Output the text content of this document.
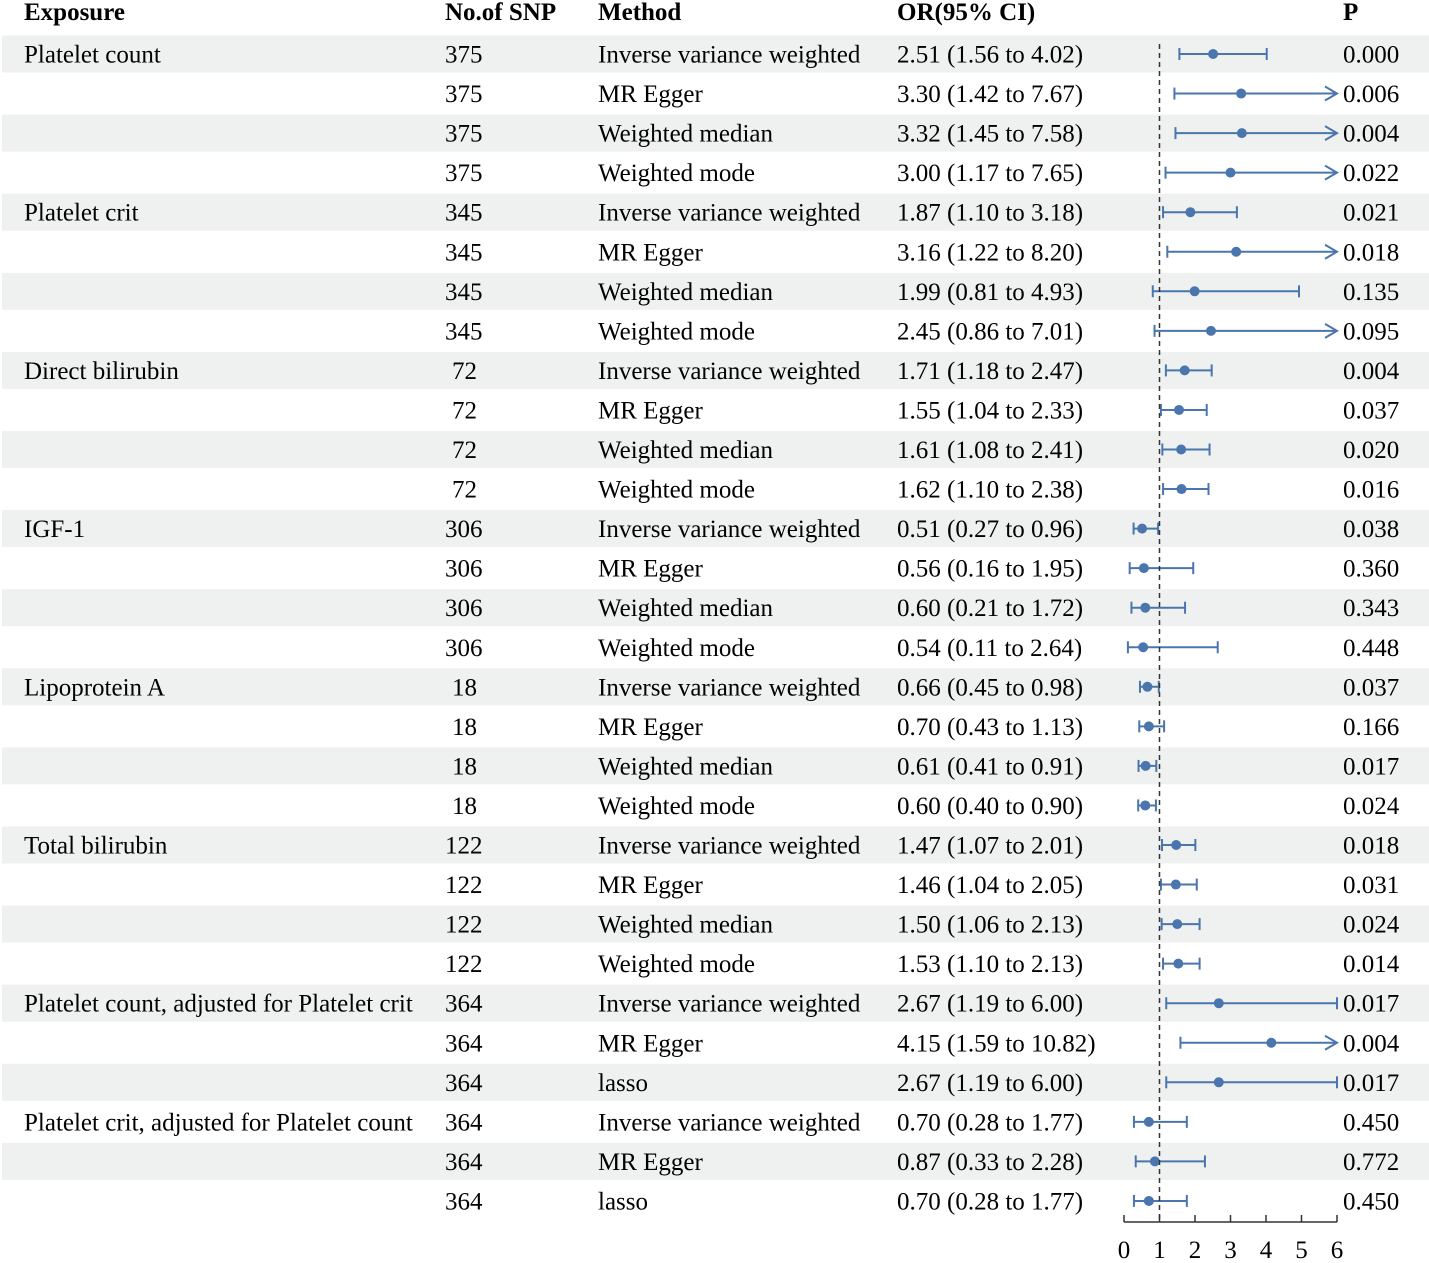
Exposure	No.of SNP Method	OR(95% CI)	P
Platelet count	375	Inverse variance weighted 2.51 (1.56 to 4.02)	0.000
375	MR Egger	3.30 (1.42 to 7.67)	0.006
375	Weighted median	3.32 (1.45 to 7.58)	0.004
375	Weighted mode	3.00 (1.17 to 7.65)	0.022
Platelet crit	345	Inverse variance weighted 1.87 (1.10 to 3.18)	0.021
345	MR Egger	3.16 (1.22 to 8.20)	0.018
345	Weighted median	1.99 (0.81 to 4.93)	0.135
345	Weighted mode	2.45 (0.86 to 7.01)	0.095
Direct bilirubin	72	Inverse variance weighted 1.71 (1.18 to 2.47)	0.004
72	MR Egger	1.55 (1.04 to 2.33)	0.037
72	Weighted median	1.61 (1.08 to 2.41)	0.020
72	Weighted mode	1.62 (1.10 to 2.38)	0.016
IGF-1	306	Inverse variance weighted 0.51 (0.27 to 0.96)	0.038
306	MR Egger	0.56 (0.16 to 1.95)	0.360
306	Weighted median	0.60 (0.21 to 1.72)	0.343
306	Weighted mode	0.54 (0.11 to 2.64)	0.448
Lipoprotein A	18	Inverse variance weighted 0.66 (0.45 to 0.98)	0.037
18	MR Egger	0.70 (0.43 to 1.13)	0.166
18	Weighted median	0.61 (0.41 to 0.91)	0.017
18	Weighted mode	0.60 (0.40 to 0.90)	0.024
Total bilirubin	122	Inverse variance weighted 1.47 (1.07 to 2.01)	0.018
122	MR Egger	1.46 (1.04 to 2.05)	0.031
122	Weighted median	1.50 (1.06 to 2.13)	0.024
122	Weighted mode	1.53 (1.10 to 2.13)	0.014
Platelet count, adjusted for Platelet crit 364	Inverse variance weighted 2.67 (1.19 to 6.00)	0.017
364	MR Egger	4.15 (1.59 to 10.82)	0.004
364	lasso	2.67 (1.19 to 6.00)	0.017
Platelet crit, adjusted for Platelet count 364	Inverse variance weighted 0.70 (0.28 to 1.77)	0.450
364	MR Egger	0.87 (0.33 to 2.28)	0.772
364	lasso	0.70 (0.28 to 1.77)	0.450
0 1 2 3 4 5 6
